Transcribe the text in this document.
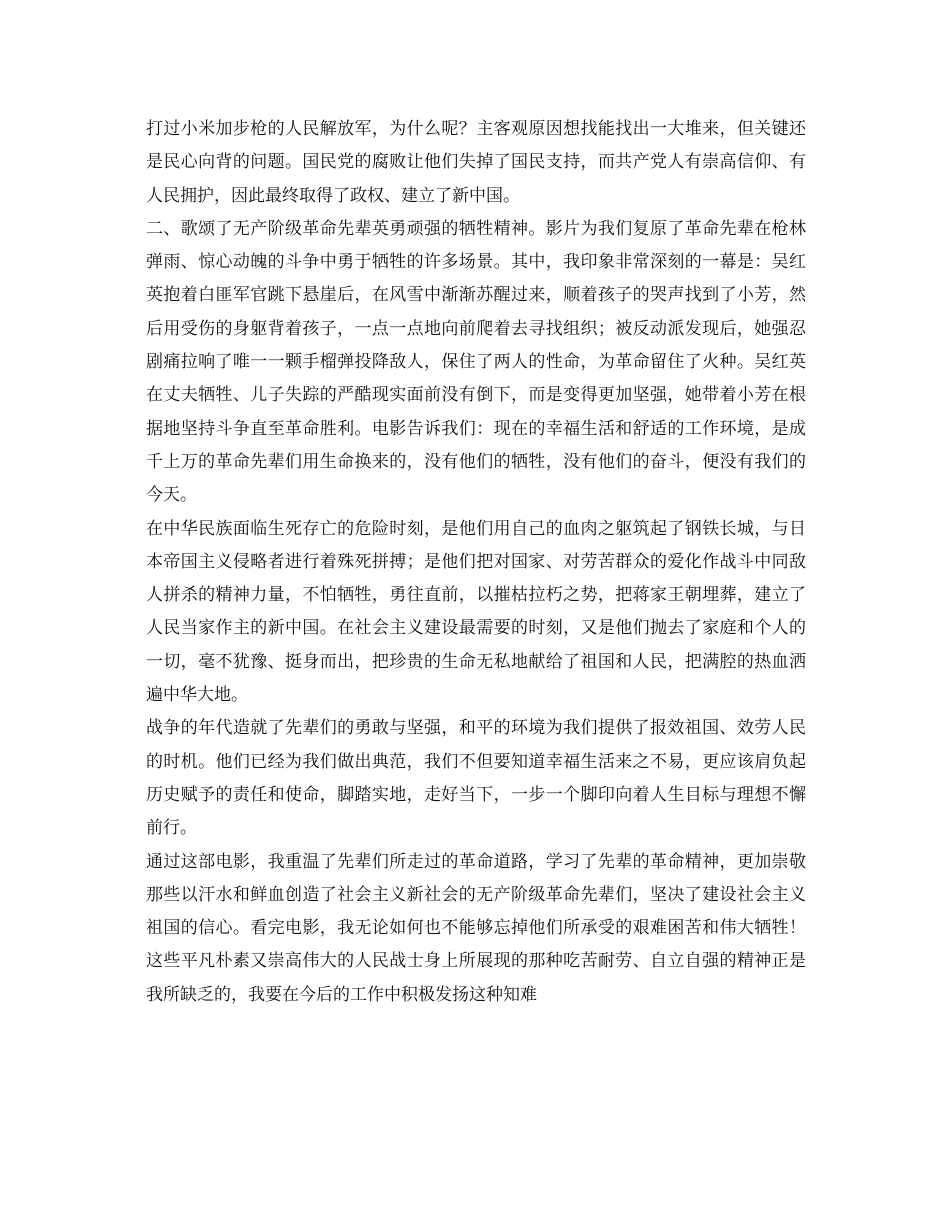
打过小米加步枪的人民解放军，为什么呢？主客观原因想找能找出一大堆来，但关键还是民心向背的问题。国民党的腐败让他们失掉了国民支持，而共产党人有崇高信仰、有人民拥护，因此最终取得了政权、建立了新中国。

二、歌颂了无产阶级革命先辈英勇顽强的牺牲精神。影片为我们复原了革命先辈在枪林弹雨、惊心动魄的斗争中勇于牺牲的许多场景。其中，我印象非常深刻的一幕是：吴红英抱着白匪军官跳下悬崖后，在风雪中渐渐苏醒过来，顺着孩子的哭声找到了小芳，然后用受伤的身躯背着孩子，一点一点地向前爬着去寻找组织；被反动派发现后，她强忍剧痛拉响了唯一一颗手榴弹投降敌人，保住了两人的性命，为革命留住了火种。吴红英在丈夫牺牲、儿子失踪的严酷现实面前没有倒下，而是变得更加坚强，她带着小芳在根据地坚持斗争直至革命胜利。电影告诉我们：现在的幸福生活和舒适的工作环境，是成千上万的革命先辈们用生命换来的，没有他们的牺牲，没有他们的奋斗，便没有我们的今天。

在中华民族面临生死存亡的危险时刻，是他们用自己的血肉之躯筑起了钢铁长城，与日本帝国主义侵略者进行着殊死拼搏；是他们把对国家、对劳苦群众的爱化作战斗中同敌人拼杀的精神力量，不怕牺牲，勇往直前，以摧枯拉朽之势，把蒋家王朝埋葬，建立了人民当家作主的新中国。在社会主义建设最需要的时刻，又是他们抛去了家庭和个人的一切，毫不犹豫、挺身而出，把珍贵的生命无私地献给了祖国和人民，把满腔的热血洒遍中华大地。

战争的年代造就了先辈们的勇敢与坚强，和平的环境为我们提供了报效祖国、效劳人民的时机。他们已经为我们做出典范，我们不但要知道幸福生活来之不易，更应该肩负起历史赋予的责任和使命，脚踏实地，走好当下，一步一个脚印向着人生目标与理想不懈前行。

通过这部电影，我重温了先辈们所走过的革命道路，学习了先辈的革命精神，更加崇敬那些以汗水和鲜血创造了社会主义新社会的无产阶级革命先辈们，坚决了建设社会主义祖国的信心。看完电影，我无论如何也不能够忘掉他们所承受的艰难困苦和伟大牺牲！这些平凡朴素又崇高伟大的人民战士身上所展现的那种吃苦耐劳、自立自强的精神正是我所缺乏的，我要在今后的工作中积极发扬这种知难
